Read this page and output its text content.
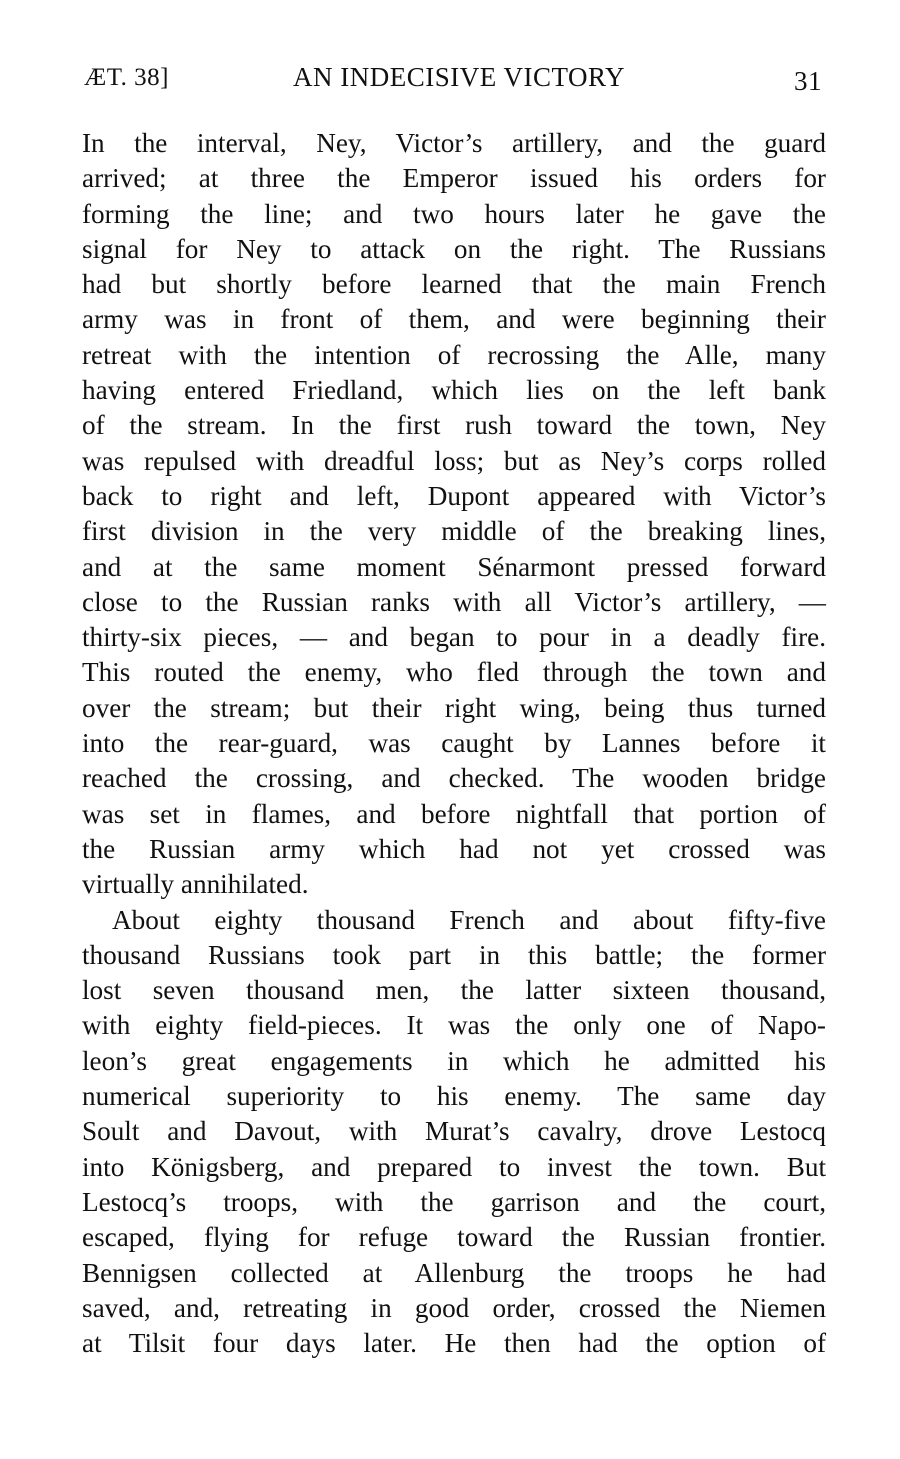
ÆT. 38]	AN INDECISIVE VICTORY	31
In the interval, Ney, Victor’s artillery, and the guard
arrived; at three the Emperor issued his orders for
forming the line; and two hours later he gave the
signal for Ney to attack on the right. The Russians
had but shortly before learned that the main French
army was in front of them, and were beginning their
retreat with the intention of recrossing the Alle, many
having entered Friedland, which lies on the left bank
of the stream. In the first rush toward the town, Ney
was repulsed with dreadful loss; but as Ney’s corps rolled
back to right and left, Dupont appeared with Victor’s
first division in the very middle of the breaking lines,
and at the same moment Sénarmont pressed forward
close to the Russian ranks with all Victor’s artillery, —
thirty-six pieces, — and began to pour in a deadly fire.
This routed the enemy, who fled through the town and
over the stream; but their right wing, being thus turned
into the rear-guard, was caught by Lannes before it
reached the crossing, and checked. The wooden bridge
was set in flames, and before nightfall that portion of
the Russian army which had not yet crossed was
virtually annihilated.
About eighty thousand French and about fifty-five
thousand Russians took part in this battle; the former
lost seven thousand men, the latter sixteen thousand,
with eighty field-pieces. It was the only one of Napo-
leon’s great engagements in which he admitted his
numerical superiority to his enemy. The same day
Soult and Davout, with Murat’s cavalry, drove Lestocq
into Königsberg, and prepared to invest the town. But
Lestocq’s troops, with the garrison and the court,
escaped, flying for refuge toward the Russian frontier.
Bennigsen collected at Allenburg the troops he had
saved, and, retreating in good order, crossed the Niemen
at Tilsit four days later. He then had the option of
